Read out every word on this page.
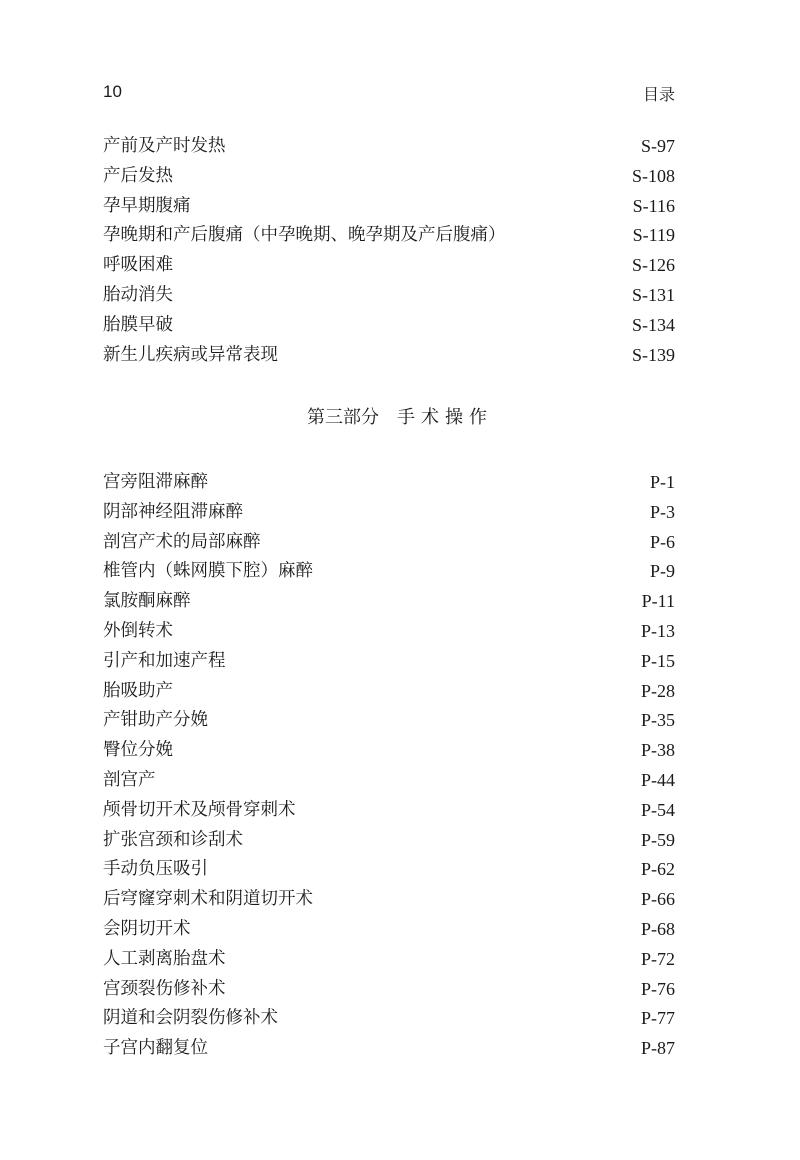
10	目录
产前及产时发热	S-97
产后发热	S-108
孕早期腹痛	S-116
孕晚期和产后腹痛（中孕晚期、晚孕期及产后腹痛）	S-119
呼吸困难	S-126
胎动消失	S-131
胎膜早破	S-134
新生儿疾病或异常表现	S-139
第三部分 手术操作
宫旁阻滞麻醉	P-1
阴部神经阻滞麻醉	P-3
剖宫产术的局部麻醉	P-6
椎管内（蛛网膜下腔）麻醉	P-9
氯胺酮麻醉	P-11
外倒转术	P-13
引产和加速产程	P-15
胎吸助产	P-28
产钳助产分娩	P-35
臀位分娩	P-38
剖宫产	P-44
颅骨切开术及颅骨穿刺术	P-54
扩张宫颈和诊刮术	P-59
手动负压吸引	P-62
后穹窿穿刺术和阴道切开术	P-66
会阴切开术	P-68
人工剥离胎盘术	P-72
宫颈裂伤修补术	P-76
阴道和会阴裂伤修补术	P-77
子宫内翻复位	P-87
